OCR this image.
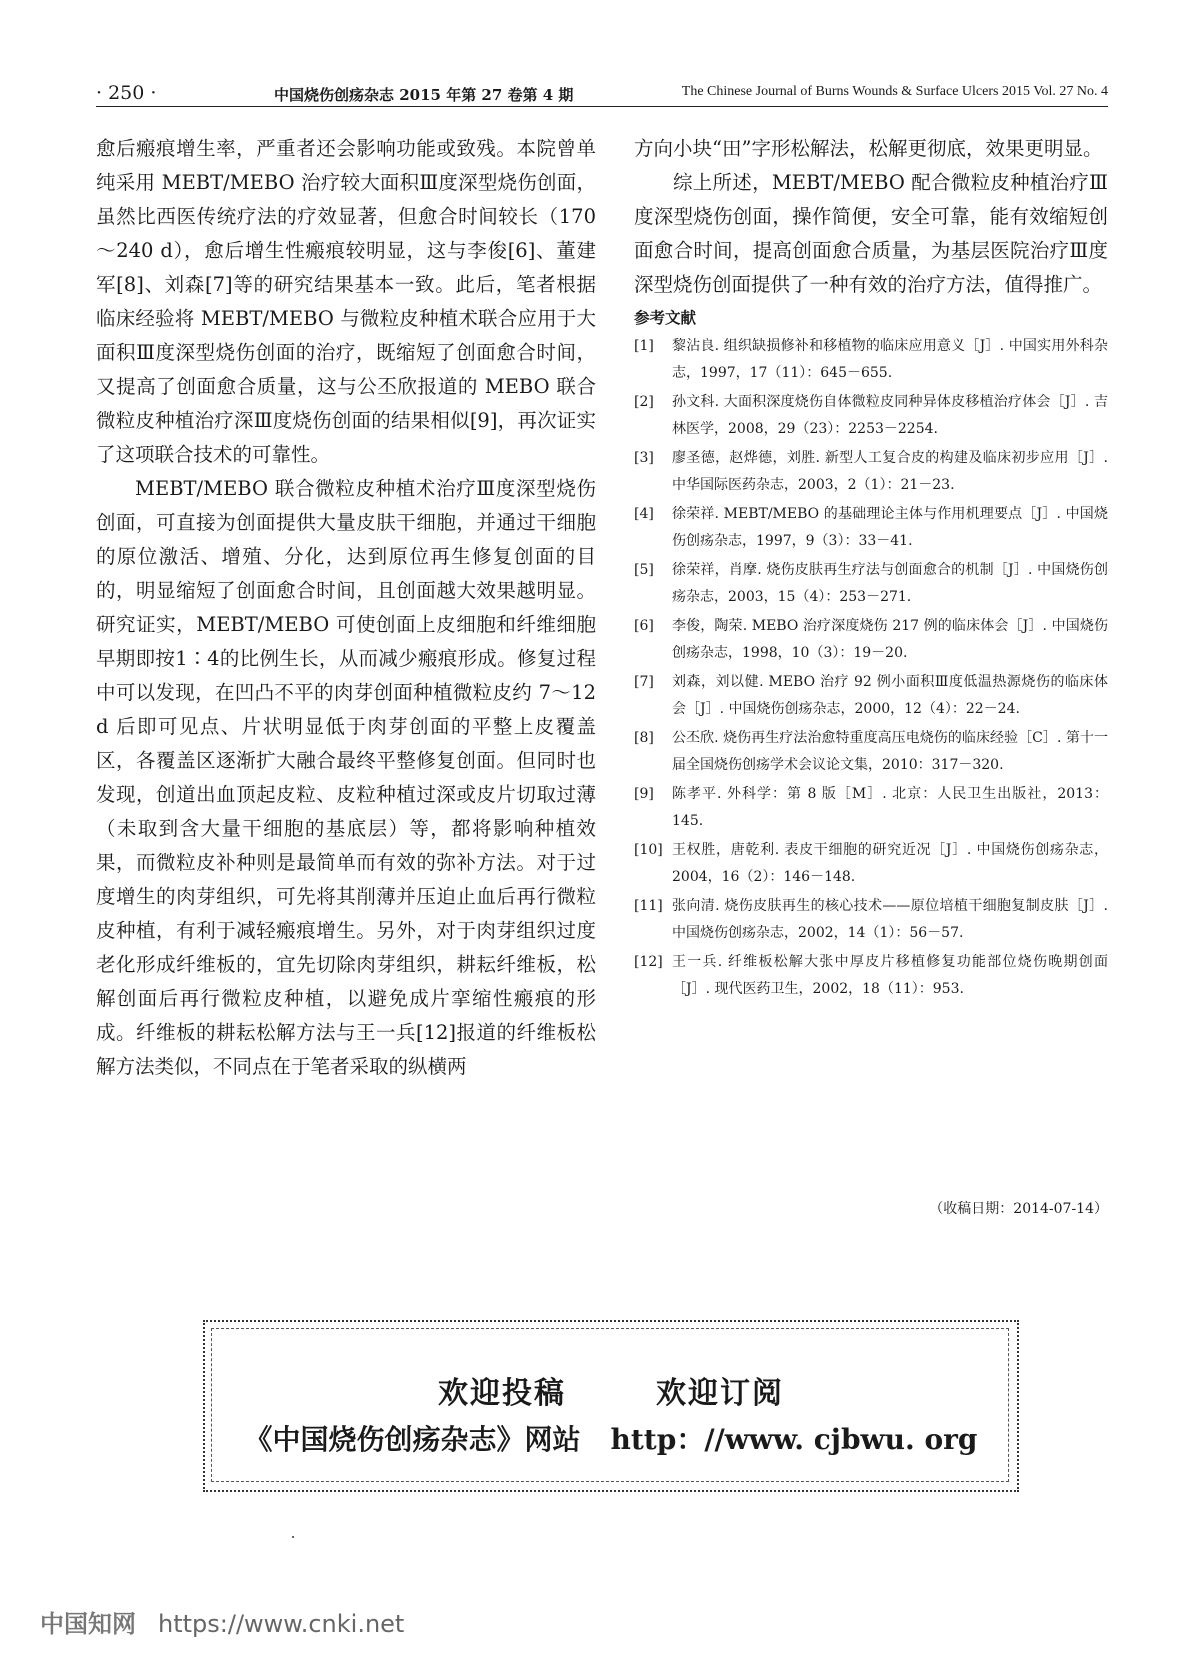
· 250 ·	中国烧伤创疡杂志 2015 年第 27 卷第 4 期	The Chinese Journal of Burns Wounds & Surface Ulcers 2015 Vol. 27 No. 4

愈后瘢痕增生率，严重者还会影响功能或致残。本院曾单纯采用 MEBT/MEBO 治疗较大面积Ⅲ度深型烧伤创面，虽然比西医传统疗法的疗效显著，但愈合时间较长（170～240 d），愈后增生性瘢痕较明显，这与李俊[6]、董建军[8]、刘森[7]等的研究结果基本一致。此后，笔者根据临床经验将 MEBT/MEBO 与微粒皮种植术联合应用于大面积Ⅲ度深型烧伤创面的治疗，既缩短了创面愈合时间，又提高了创面愈合质量，这与公丕欣报道的 MEBO 联合微粒皮种植治疗深Ⅲ度烧伤创面的结果相似[9]，再次证实了这项联合技术的可靠性。

MEBT/MEBO 联合微粒皮种植术治疗Ⅲ度深型烧伤创面，可直接为创面提供大量皮肤干细胞，并通过干细胞的原位激活、增殖、分化，达到原位再生修复创面的目的，明显缩短了创面愈合时间，且创面越大效果越明显。研究证实，MEBT/MEBO 可使创面上皮细胞和纤维细胞早期即按1∶4的比例生长，从而减少瘢痕形成。修复过程中可以发现，在凹凸不平的肉芽创面种植微粒皮约 7～12 d 后即可见点、片状明显低于肉芽创面的平整上皮覆盖区，各覆盖区逐渐扩大融合最终平整修复创面。但同时也发现，创道出血顶起皮粒、皮粒种植过深或皮片切取过薄（未取到含大量干细胞的基底层）等，都将影响种植效果，而微粒皮补种则是最简单而有效的弥补方法。对于过度增生的肉芽组织，可先将其削薄并压迫止血后再行微粒皮种植，有利于减轻瘢痕增生。另外，对于肉芽组织过度老化形成纤维板的，宜先切除肉芽组织，耕耘纤维板，松解创面后再行微粒皮种植，以避免成片挛缩性瘢痕的形成。纤维板的耕耘松解方法与王一兵[12]报道的纤维板松解方法类似，不同点在于笔者采取的纵横两

方向小块“田”字形松解法，松解更彻底，效果更明显。

综上所述，MEBT/MEBO 配合微粒皮种植治疗Ⅲ度深型烧伤创面，操作简便，安全可靠，能有效缩短创面愈合时间，提高创面愈合质量，为基层医院治疗Ⅲ度深型烧伤创面提供了一种有效的治疗方法，值得推广。

参考文献
[1] 黎沾良. 组织缺损修补和移植物的临床应用意义［J］. 中国实用外科杂志，1997，17（11）：645－655.
[2] 孙文科. 大面积深度烧伤自体微粒皮同种异体皮移植治疗体会［J］. 吉林医学，2008，29（23）：2253－2254.
[3] 廖圣德，赵烨德，刘胜. 新型人工复合皮的构建及临床初步应用［J］. 中华国际医药杂志，2003，2（1）：21－23.
[4] 徐荣祥. MEBT/MEBO 的基础理论主体与作用机理要点［J］. 中国烧伤创疡杂志，1997，9（3）：33－41.
[5] 徐荣祥，肖摩. 烧伤皮肤再生疗法与创面愈合的机制［J］. 中国烧伤创疡杂志，2003，15（4）：253－271.
[6] 李俊，陶荣. MEBO 治疗深度烧伤 217 例的临床体会［J］. 中国烧伤创疡杂志，1998，10（3）：19－20.
[7] 刘森，刘以健. MEBO 治疗 92 例小面积Ⅲ度低温热源烧伤的临床体会［J］. 中国烧伤创疡杂志，2000，12（4）：22－24.
[8] 公丕欣. 烧伤再生疗法治愈特重度高压电烧伤的临床经验［C］. 第十一届全国烧伤创疡学术会议论文集，2010：317－320.
[9] 陈孝平. 外科学：第 8 版［M］. 北京：人民卫生出版社，2013：145.
[10] 王权胜，唐乾利. 表皮干细胞的研究近况［J］. 中国烧伤创疡杂志，2004，16（2）：146－148.
[11] 张向清. 烧伤皮肤再生的核心技术——原位培植干细胞复制皮肤［J］. 中国烧伤创疡杂志，2002，14（1）：56－57.
[12] 王一兵. 纤维板松解大张中厚皮片移植修复功能部位烧伤晚期创面［J］. 现代医药卫生，2002，18（11）：953.
（收稿日期：2014-07-14）
欢迎投稿	欢迎订阅
《中国烧伤创疡杂志》网站 http：//www. cjbwu. org
中国知网 https://www.cnki.net
